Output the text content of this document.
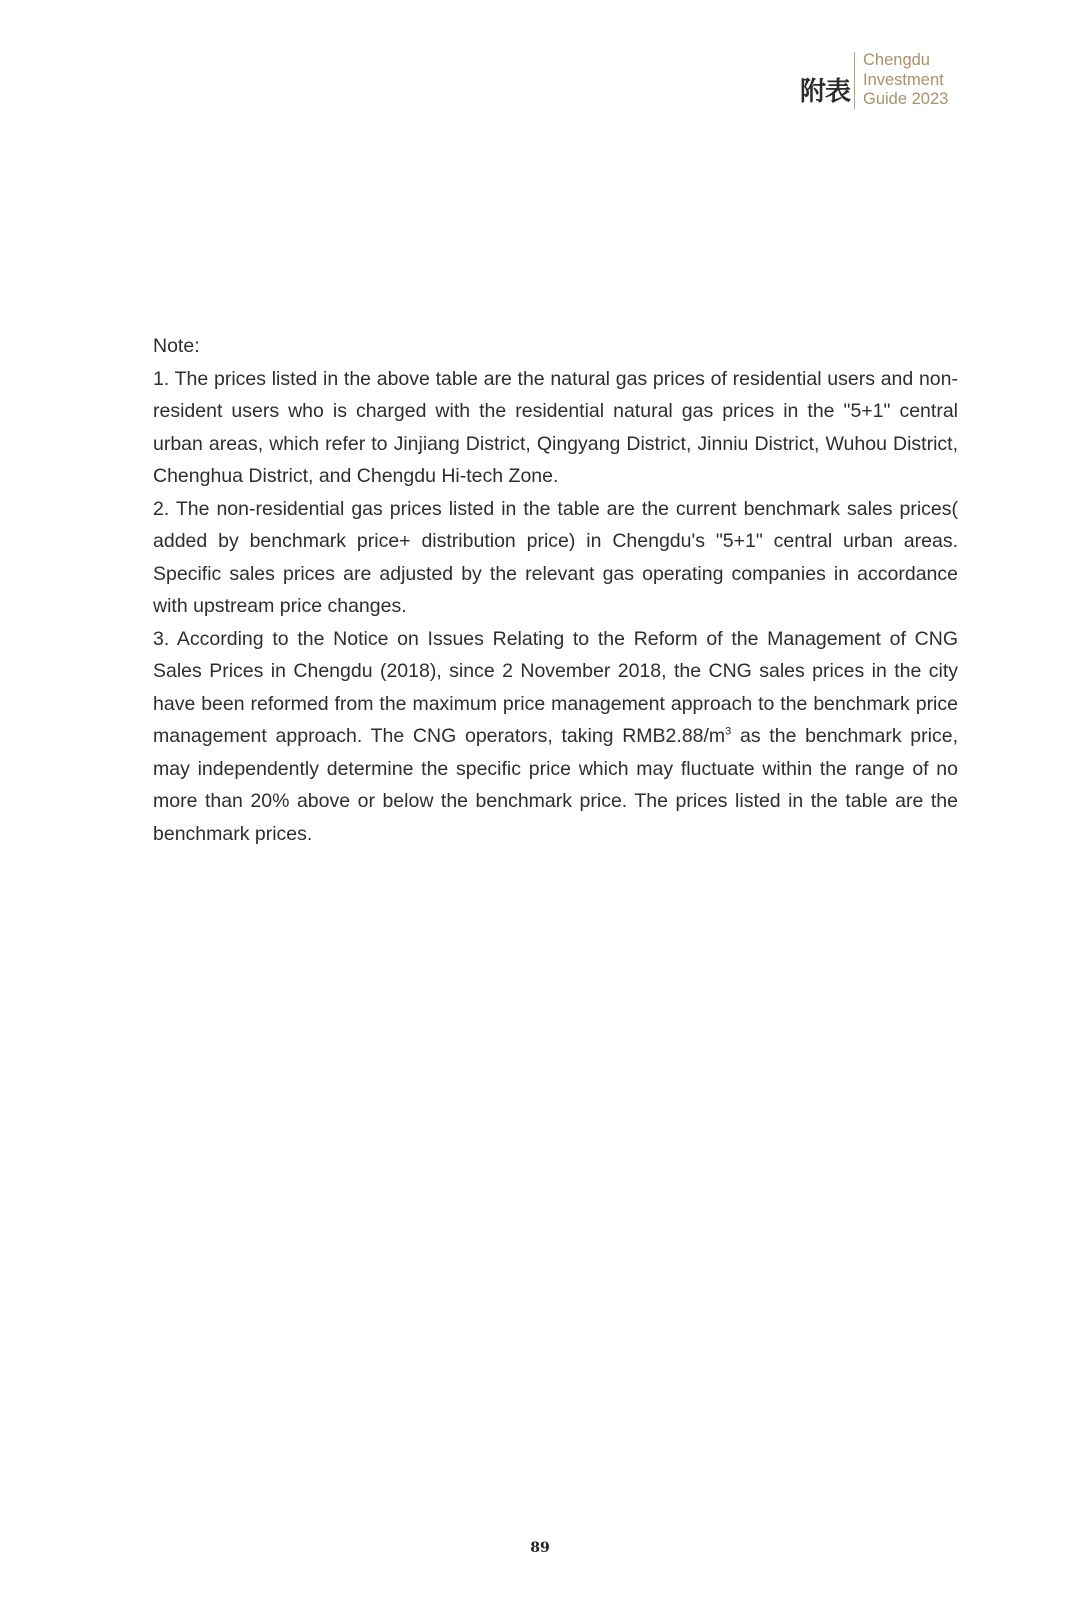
附表
Chengdu
Investment
Guide 2023

Note:

1. The prices listed in the above table are the natural gas prices of residential users and non-resident users who is charged with the residential natural gas prices in the "5+1" central urban areas, which refer to Jinjiang District, Qingyang District, Jinniu District, Wuhou District, Chenghua District, and Chengdu Hi-tech Zone.

2. The non-residential gas prices listed in the table are the current benchmark sales prices( added by benchmark price+ distribution price) in Chengdu's "5+1" central urban areas. Specific sales prices are adjusted by the relevant gas operating companies in accordance with upstream price changes.

3. According to the Notice on Issues Relating to the Reform of the Management of CNG Sales Prices in Chengdu (2018), since 2 November 2018, the CNG sales prices in the city have been reformed from the maximum price management approach to the benchmark price management approach. The CNG operators, taking $RMB2.88/m^3$ as the benchmark price, may independently determine the specific price which may fluctuate within the range of no more than 20% above or below the benchmark price. The prices listed in the table are the benchmark prices.

89
